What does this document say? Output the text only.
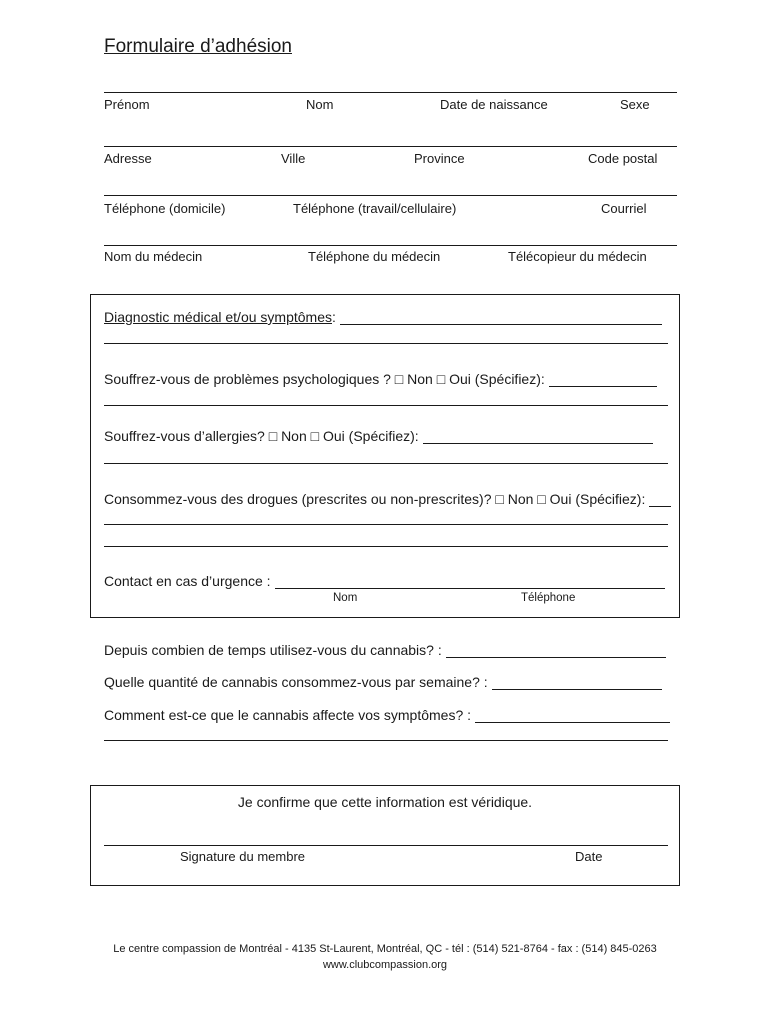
Formulaire d’adhésion
Prénom	Nom	Date de naissance	Sexe
Adresse	Ville	Province	Code postal
Téléphone (domicile)	Téléphone (travail/cellulaire)	Courriel
Nom du médecin	Téléphone du médecin	Télécopieur du médecin
Diagnostic médical et/ou symptômes :
Souffrez-vous de problèmes psychologiques ? □ Non □ Oui (Spécifiez):
Souffrez-vous d’allergies? □ Non □ Oui (Spécifiez):
Consommez-vous des drogues (prescrites ou non-prescrites)? □ Non □ Oui (Spécifiez):
Contact en cas d’urgence :
Nom	Téléphone
Depuis combien de temps utilisez-vous du cannabis? :
Quelle quantité de cannabis consommez-vous par semaine? :
Comment est-ce que le cannabis affecte vos symptômes? :
Je confirme que cette information est véridique.
Signature du membre	Date
Le centre compassion de Montréal - 4135 St-Laurent, Montréal, QC - tél : (514) 521-8764 - fax : (514) 845-0263
www.clubcompassion.org
